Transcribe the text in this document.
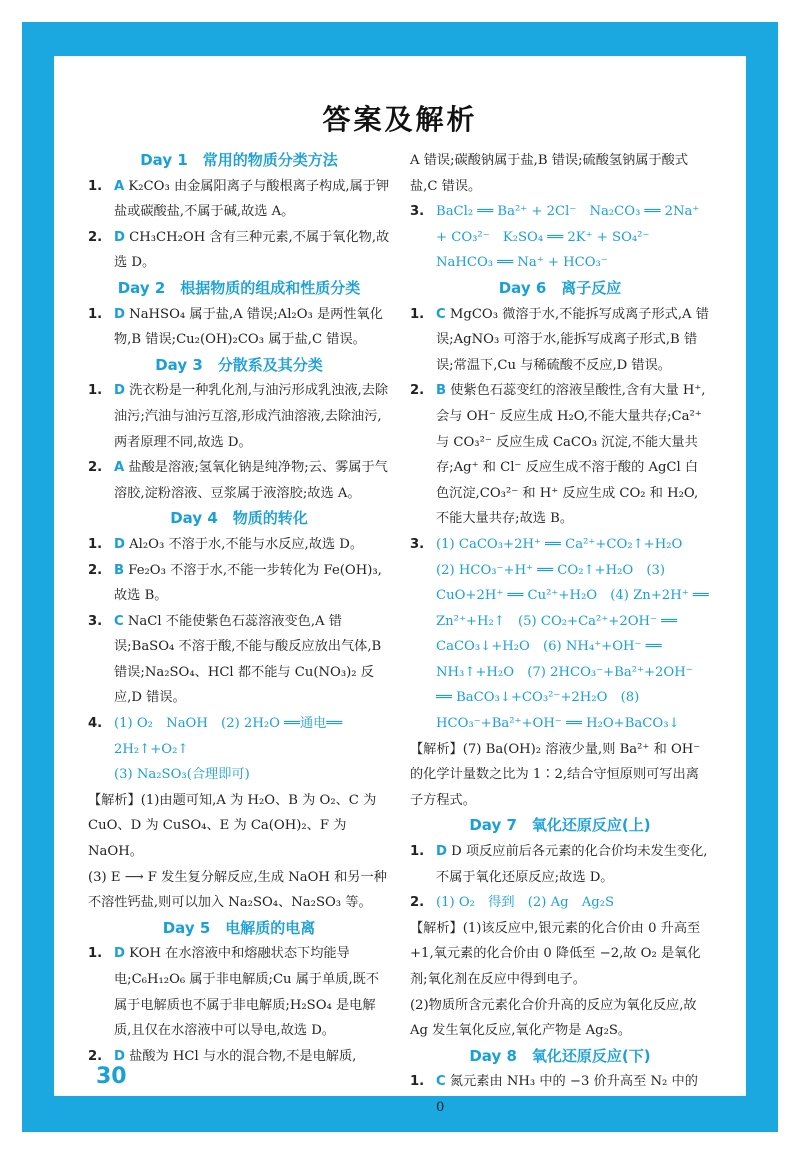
答案及解析

Day 1　常用的物质分类方法

1. A K₂CO₃ 由金属阳离子与酸根离子构成,属于钾盐或碳酸盐,不属于碱,故选 A。
2. D CH₃CH₂OH 含有三种元素,不属于氧化物,故选 D。

Day 2　根据物质的组成和性质分类

1. D NaHSO₄ 属于盐,A 错误;Al₂O₃ 是两性氧化物,B 错误;Cu₂(OH)₂CO₃ 属于盐,C 错误。

Day 3　分散系及其分类

1. D 洗衣粉是一种乳化剂,与油污形成乳浊液,去除油污;汽油与油污互溶,形成汽油溶液,去除油污,两者原理不同,故选 D。
2. A 盐酸是溶液;氢氧化钠是纯净物;云、雾属于气溶胶,淀粉溶液、豆浆属于液溶胶;故选 A。

Day 4　物质的转化

1. D Al₂O₃ 不溶于水,不能与水反应,故选 D。
2. B Fe₂O₃ 不溶于水,不能一步转化为 Fe(OH)₃,故选 B。
3. C NaCl 不能使紫色石蕊溶液变色,A 错误;BaSO₄ 不溶于酸,不能与酸反应放出气体,B 错误;Na₂SO₄、HCl 都不能与 Cu(NO₃)₂ 反应,D 错误。
4. (1) O₂　NaOH　(2) 2H₂O ══通电══ 2H₂↑+O₂↑
(3) Na₂SO₃(合理即可)

【解析】(1)由题可知,A 为 H₂O、B 为 O₂、C 为 CuO、D 为 CuSO₄、E 为 Ca(OH)₂、F 为 NaOH。

(3) E ⟶ F 发生复分解反应,生成 NaOH 和另一种不溶性钙盐,则可以加入 Na₂SO₄、Na₂SO₃ 等。

Day 5　电解质的电离

1. D KOH 在水溶液中和熔融状态下均能导电;C₆H₁₂O₆ 属于非电解质;Cu 属于单质,既不属于电解质也不属于非电解质;H₂SO₄ 是电解质,且仅在水溶液中可以导电,故选 D。
2. D 盐酸为 HCl 与水的混合物,不是电解质,

A 错误;碳酸钠属于盐,B 错误;硫酸氢钠属于酸式盐,C 错误。

3. BaCl₂ ══ Ba²⁺ + 2Cl⁻　Na₂CO₃ ══ 2Na⁺ + CO₃²⁻　K₂SO₄ ══ 2K⁺ + SO₄²⁻　NaHCO₃ ══ Na⁺ + HCO₃⁻

Day 6　离子反应

1. C MgCO₃ 微溶于水,不能拆写成离子形式,A 错误;AgNO₃ 可溶于水,能拆写成离子形式,B 错误;常温下,Cu 与稀硫酸不反应,D 错误。
2. B 使紫色石蕊变红的溶液呈酸性,含有大量 H⁺,会与 OH⁻ 反应生成 H₂O,不能大量共存;Ca²⁺ 与 CO₃²⁻ 反应生成 CaCO₃ 沉淀,不能大量共存;Ag⁺ 和 Cl⁻ 反应生成不溶于酸的 AgCl 白色沉淀,CO₃²⁻ 和 H⁺ 反应生成 CO₂ 和 H₂O,不能大量共存;故选 B。
3. (1) CaCO₃+2H⁺ ══ Ca²⁺+CO₂↑+H₂O　(2) HCO₃⁻+H⁺ ══ CO₂↑+H₂O　(3) CuO+2H⁺ ══ Cu²⁺+H₂O　(4) Zn+2H⁺ ══ Zn²⁺+H₂↑　(5) CO₂+Ca²⁺+2OH⁻ ══ CaCO₃↓+H₂O　(6) NH₄⁺+OH⁻ ══ NH₃↑+H₂O　(7) 2HCO₃⁻+Ba²⁺+2OH⁻ ══ BaCO₃↓+CO₃²⁻+2H₂O　(8) HCO₃⁻+Ba²⁺+OH⁻ ══ H₂O+BaCO₃↓

【解析】(7) Ba(OH)₂ 溶液少量,则 Ba²⁺ 和 OH⁻ 的化学计量数之比为 1∶2,结合守恒原则可写出离子方程式。

Day 7　氧化还原反应(上)

1. D D 项反应前后各元素的化合价均未发生变化,不属于氧化还原反应;故选 D。
2. (1) O₂　得到　(2) Ag　Ag₂S

【解析】(1)该反应中,银元素的化合价由 0 升高至 +1,氧元素的化合价由 0 降低至 −2,故 O₂ 是氧化剂;氧化剂在反应中得到电子。

(2)物质所含元素化合价升高的反应为氧化反应,故 Ag 发生氧化反应,氧化产物是 Ag₂S。

Day 8　氧化还原反应(下)

1. C 氮元素由 NH₃ 中的 −3 价升高至 N₂ 中的 0
30
